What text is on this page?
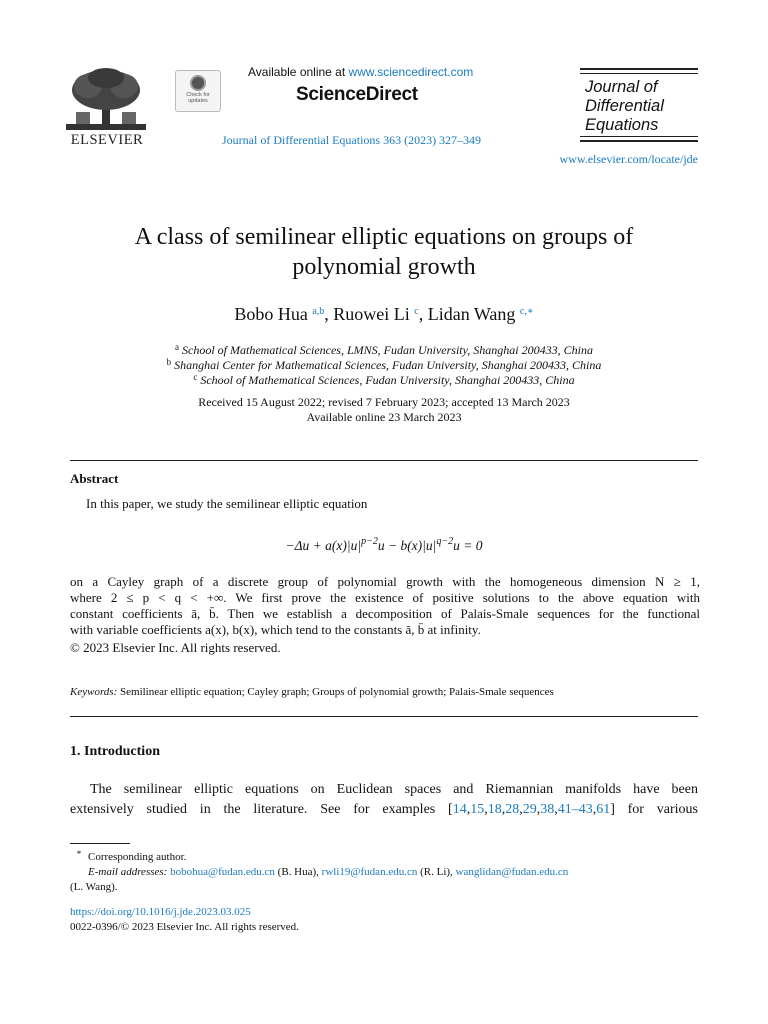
ELSEVIER
Check for updates
Available online at www.sciencedirect.com
ScienceDirect
Journal of Differential Equations 363 (2023) 327–349
Journal of
Differential
Equations
www.elsevier.com/locate/jde
A class of semilinear elliptic equations on groups of
polynomial growth
Bobo Hua $^{a,b}$, Ruowei Li $^c$, Lidan Wang $^{c,∗}$
$^a$ School of Mathematical Sciences, LMNS, Fudan University, Shanghai 200433, China
$^b$ Shanghai Center for Mathematical Sciences, Fudan University, Shanghai 200433, China
$^c$ School of Mathematical Sciences, Fudan University, Shanghai 200433, China
Received 15 August 2022; revised 7 February 2023; accepted 13 March 2023
Available online 23 March 2023
Abstract
In this paper, we study the semilinear elliptic equation
$-\Delta u + a(x)|u|^{p-2}u - b(x)|u|^{q-2}u = 0$
on a Cayley graph of a discrete group of polynomial growth with the homogeneous dimension N ≥ 1,
where 2 ≤ p < q < +∞. We first prove the existence of positive solutions to the above equation with
constant coefficients ā, b̄. Then we establish a decomposition of Palais-Smale sequences for the functional
with variable coefficients a(x), b(x), which tend to the constants ā, b̄ at infinity.
© 2023 Elsevier Inc. All rights reserved.
Keywords: Semilinear elliptic equation; Cayley graph; Groups of polynomial growth; Palais-Smale sequences
1. Introduction
The semilinear elliptic equations on Euclidean spaces and Riemannian manifolds have been
extensively studied in the literature. See for examples [14,15,18,28,29,38,41–43,61] for various
* Corresponding author.
E-mail addresses: bobohua@fudan.edu.cn (B. Hua), rwli19@fudan.edu.cn (R. Li), wanglidan@fudan.edu.cn
(L. Wang).
https://doi.org/10.1016/j.jde.2023.03.025
0022-0396/© 2023 Elsevier Inc. All rights reserved.
